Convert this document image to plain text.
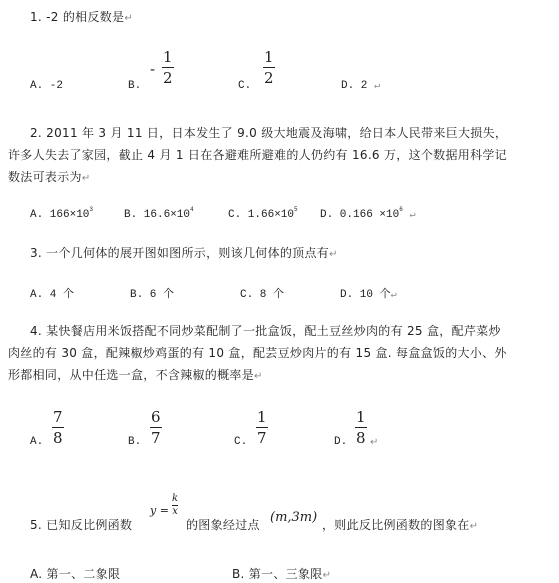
1. -2 的相反数是↵
A. -2	B.
-
1
2	C.
1
2	D. 2 ↵
2. 2011 年 3 月 11 日，日本发生了 9.0 级大地震及海啸，给日本人民带来巨大损失，
许多人失去了家园，截止 4 月 1 日在各避难所避难的人仍约有 16.6 万，这个数据用科学记
数法可表示为↵
A. $166\times 10^3$	B. $16.6\times 10^4$	C. $1.66\times 10^5$ D. $0.166 \times 10^6$ ↵
3. 一个几何体的展开图如图所示，则该几何体的顶点有↵
A. 4 个	B. 6 个	C. 8 个	D. 10 个↵
4. 某快餐店用米饭搭配不同炒菜配制了一批盒饭，配土豆丝炒肉的有 25 盒，配芹菜炒
肉丝的有 30 盒，配辣椒炒鸡蛋的有 10 盒，配芸豆炒肉片的有 15 盒. 每盒盒饭的大小、外
形都相同，从中任选一盒，不含辣椒的概率是↵
A.
7
8	B.
6
7	C.
1
7	D.
1
8 ↵
5. 已知反比例函数
y =
k
x
的图象经过点 (m,3m) ，则此反比例函数的图象在↵
A. 第一、二象限	B. 第一、三象限↵
